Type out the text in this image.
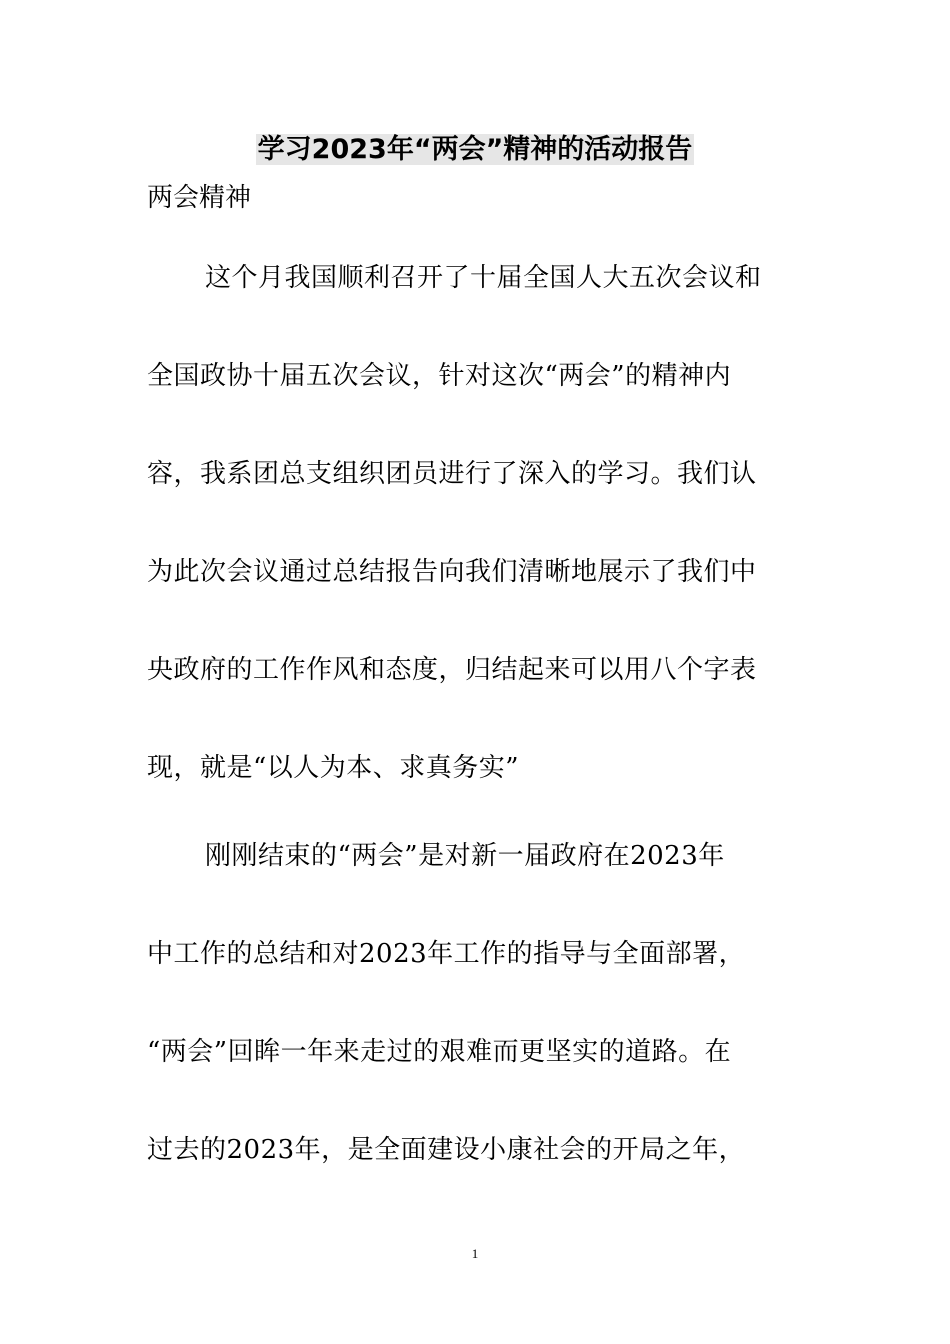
学习2023年“两会”精神的活动报告
两会精神
这个月我国顺利召开了十届全国人大五次会议和
全国政协十届五次会议，针对这次“两会”的精神内
容，我系团总支组织团员进行了深入的学习。我们认
为此次会议通过总结报告向我们清晰地展示了我们中
央政府的工作作风和态度，归结起来可以用八个字表
现，就是“以人为本、求真务实”
刚刚结束的“两会”是对新一届政府在2023年
中工作的总结和对2023年工作的指导与全面部署，
“两会”回眸一年来走过的艰难而更坚实的道路。在
过去的2023年，是全面建设小康社会的开局之年，
1
